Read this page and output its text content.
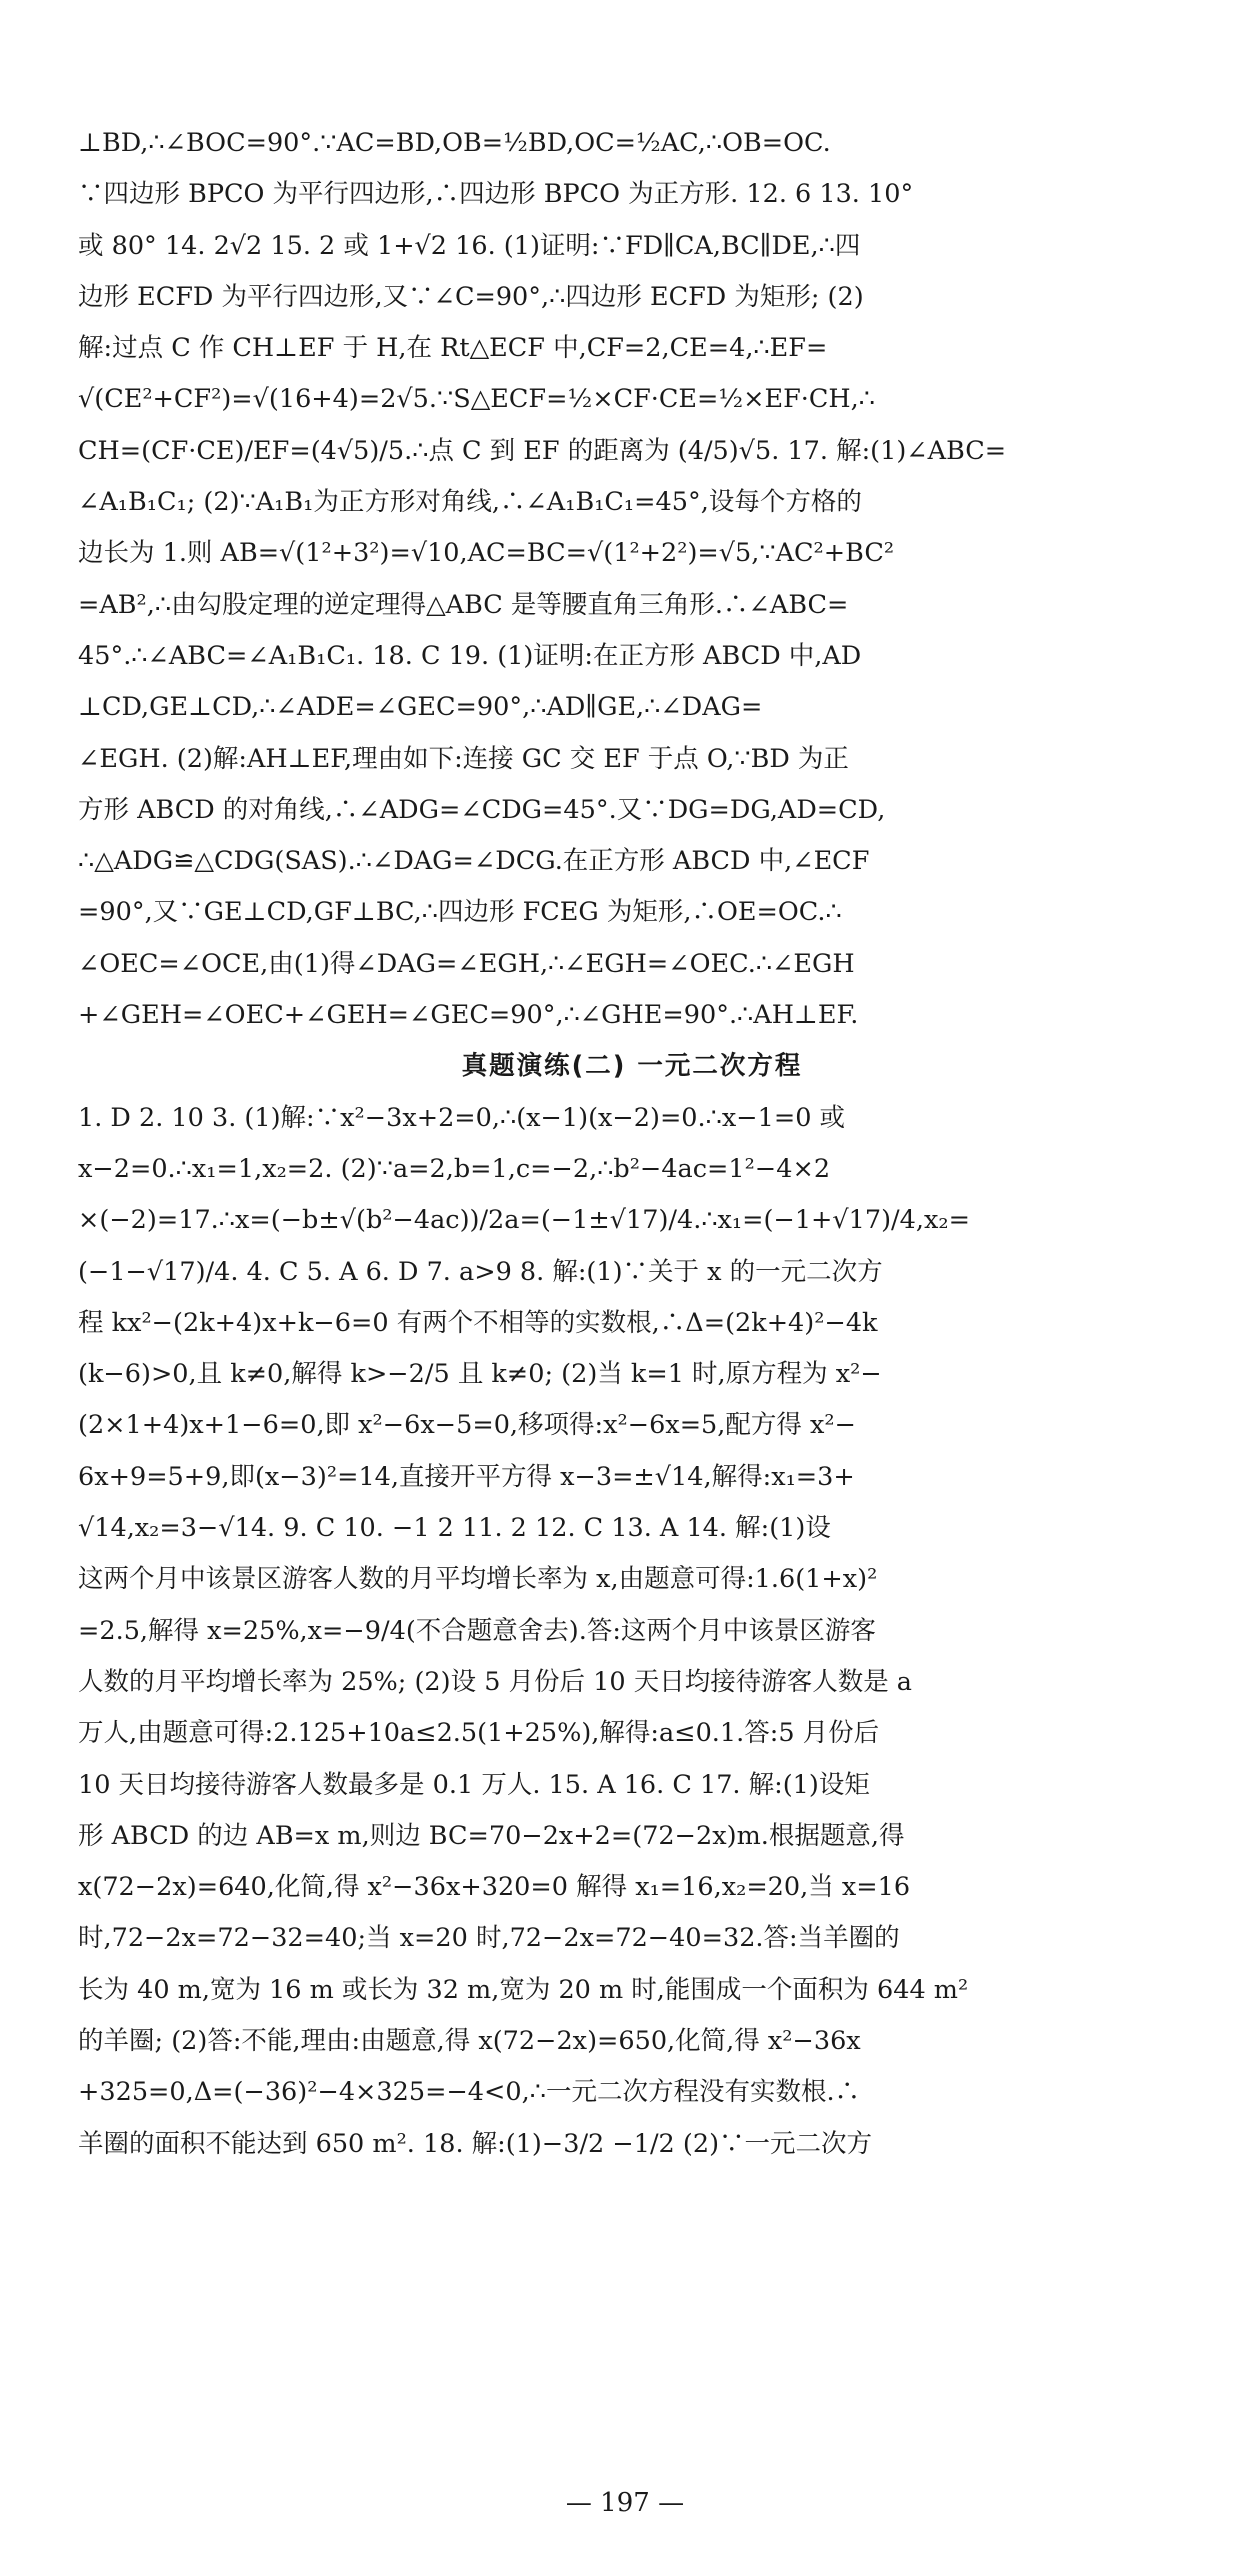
⊥BD,∴∠BOC=90°.∵AC=BD,OB=½BD,OC=½AC,∴OB=OC.

∵四边形 BPCO 为平行四边形,∴四边形 BPCO 为正方形. 12. 6 13. 10°

或 80° 14. 2√2 15. 2 或 1+√2 16. (1)证明:∵FD∥CA,BC∥DE,∴四

边形 ECFD 为平行四边形,又∵∠C=90°,∴四边形 ECFD 为矩形; (2)

解:过点 C 作 CH⊥EF 于 H,在 Rt△ECF 中,CF=2,CE=4,∴EF=

√(CE²+CF²)=√(16+4)=2√5.∵S△ECF=½×CF·CE=½×EF·CH,∴

CH=(CF·CE)/EF=(4√5)/5.∴点 C 到 EF 的距离为 (4/5)√5. 17. 解:(1)∠ABC=

∠A₁B₁C₁; (2)∵A₁B₁为正方形对角线,∴∠A₁B₁C₁=45°,设每个方格的

边长为 1.则 AB=√(1²+3²)=√10,AC=BC=√(1²+2²)=√5,∵AC²+BC²

=AB²,∴由勾股定理的逆定理得△ABC 是等腰直角三角形.∴∠ABC=

45°.∴∠ABC=∠A₁B₁C₁. 18. C 19. (1)证明:在正方形 ABCD 中,AD

⊥CD,GE⊥CD,∴∠ADE=∠GEC=90°,∴AD∥GE,∴∠DAG=

∠EGH. (2)解:AH⊥EF,理由如下:连接 GC 交 EF 于点 O,∵BD 为正

方形 ABCD 的对角线,∴∠ADG=∠CDG=45°.又∵DG=DG,AD=CD,

∴△ADG≌△CDG(SAS).∴∠DAG=∠DCG.在正方形 ABCD 中,∠ECF

=90°,又∵GE⊥CD,GF⊥BC,∴四边形 FCEG 为矩形,∴OE=OC.∴

∠OEC=∠OCE,由(1)得∠DAG=∠EGH,∴∠EGH=∠OEC.∴∠EGH

+∠GEH=∠OEC+∠GEH=∠GEC=90°,∴∠GHE=90°.∴AH⊥EF.

真题演练(二) 一元二次方程

1. D 2. 10 3. (1)解:∵x²−3x+2=0,∴(x−1)(x−2)=0.∴x−1=0 或

x−2=0.∴x₁=1,x₂=2. (2)∵a=2,b=1,c=−2,∴b²−4ac=1²−4×2

×(−2)=17.∴x=(−b±√(b²−4ac))/2a=(−1±√17)/4.∴x₁=(−1+√17)/4,x₂=

(−1−√17)/4. 4. C 5. A 6. D 7. a>9 8. 解:(1)∵关于 x 的一元二次方

程 kx²−(2k+4)x+k−6=0 有两个不相等的实数根,∴Δ=(2k+4)²−4k

(k−6)>0,且 k≠0,解得 k>−2/5 且 k≠0; (2)当 k=1 时,原方程为 x²−

(2×1+4)x+1−6=0,即 x²−6x−5=0,移项得:x²−6x=5,配方得 x²−

6x+9=5+9,即(x−3)²=14,直接开平方得 x−3=±√14,解得:x₁=3+

√14,x₂=3−√14. 9. C 10. −1 2 11. 2 12. C 13. A 14. 解:(1)设

这两个月中该景区游客人数的月平均增长率为 x,由题意可得:1.6(1+x)²

=2.5,解得 x=25%,x=−9/4(不合题意舍去).答:这两个月中该景区游客

人数的月平均增长率为 25%; (2)设 5 月份后 10 天日均接待游客人数是 a

万人,由题意可得:2.125+10a≤2.5(1+25%),解得:a≤0.1.答:5 月份后

10 天日均接待游客人数最多是 0.1 万人. 15. A 16. C 17. 解:(1)设矩

形 ABCD 的边 AB=x m,则边 BC=70−2x+2=(72−2x)m.根据题意,得

x(72−2x)=640,化简,得 x²−36x+320=0 解得 x₁=16,x₂=20,当 x=16

时,72−2x=72−32=40;当 x=20 时,72−2x=72−40=32.答:当羊圈的

长为 40 m,宽为 16 m 或长为 32 m,宽为 20 m 时,能围成一个面积为 644 m²

的羊圈; (2)答:不能,理由:由题意,得 x(72−2x)=650,化简,得 x²−36x

+325=0,Δ=(−36)²−4×325=−4<0,∴一元二次方程没有实数根.∴

羊圈的面积不能达到 650 m². 18. 解:(1)−3/2 −1/2 (2)∵一元二次方

— 197 —
